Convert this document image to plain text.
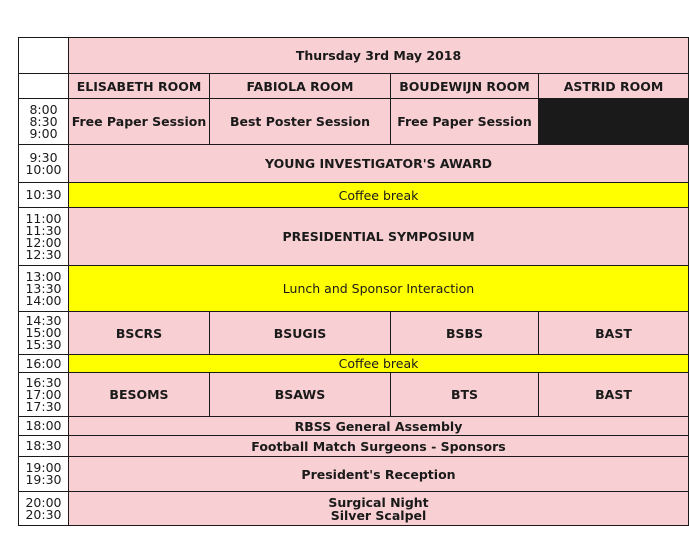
	Thursday 3rd May 2018			
	ELISABETH ROOM	FABIOLA ROOM	BOUDEWIJN ROOM	ASTRID ROOM

8:00
8:30
9:00	Free Paper Session	Best Poster Session	Free Paper Session	

9:30
10:00	YOUNG INVESTIGATOR'S AWARD			

10:30	Coffee break			

11:00
11:30
12:00
12:30	PRESIDENTIAL SYMPOSIUM			

13:00
13:30
14:00	Lunch and Sponsor Interaction			

14:30
15:00
15:30	BSCRS	BSUGIS	BSBS	BAST

16:00	Coffee break			

16:30
17:00
17:30	BESOMS	BSAWS	BTS	BAST

18:00	RBSS General Assembly			

18:30	Football Match Surgeons - Sponsors			

19:00
19:30	President's Reception			

20:00
20:30	Surgical Night
Silver Scalpel			
